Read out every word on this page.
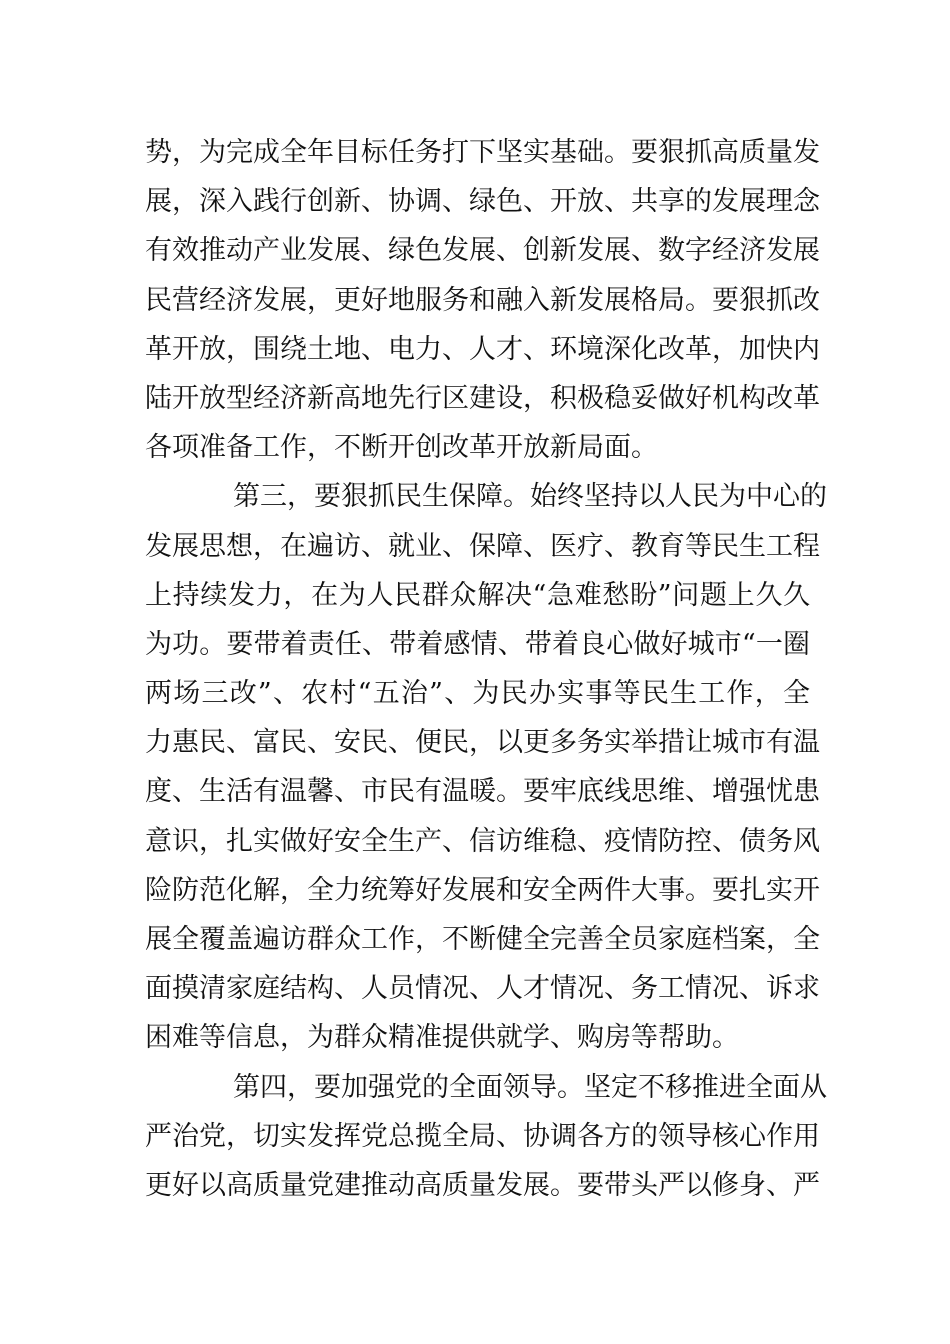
势，为完成全年目标任务打下坚实基础。要狠抓高质量发
展，深入践行创新、协调、绿色、开放、共享的发展理念
有效推动产业发展、绿色发展、创新发展、数字经济发展
民营经济发展，更好地服务和融入新发展格局。要狠抓改
革开放，围绕土地、电力、人才、环境深化改革，加快内
陆开放型经济新高地先行区建设，积极稳妥做好机构改革
各项准备工作，不断开创改革开放新局面。
第三，要狠抓民生保障。始终坚持以人民为中心的
发展思想，在遍访、就业、保障、医疗、教育等民生工程
上持续发力，在为人民群众解决“急难愁盼”问题上久久
为功。要带着责任、带着感情、带着良心做好城市“一圈
两场三改”、农村“五治”、为民办实事等民生工作，全
力惠民、富民、安民、便民，以更多务实举措让城市有温
度、生活有温馨、市民有温暖。要牢底线思维、增强忧患
意识，扎实做好安全生产、信访维稳、疫情防控、债务风
险防范化解，全力统筹好发展和安全两件大事。要扎实开
展全覆盖遍访群众工作，不断健全完善全员家庭档案，全
面摸清家庭结构、人员情况、人才情况、务工情况、诉求
困难等信息，为群众精准提供就学、购房等帮助。
第四，要加强党的全面领导。坚定不移推进全面从
严治党，切实发挥党总揽全局、协调各方的领导核心作用
更好以高质量党建推动高质量发展。要带头严以修身、严
